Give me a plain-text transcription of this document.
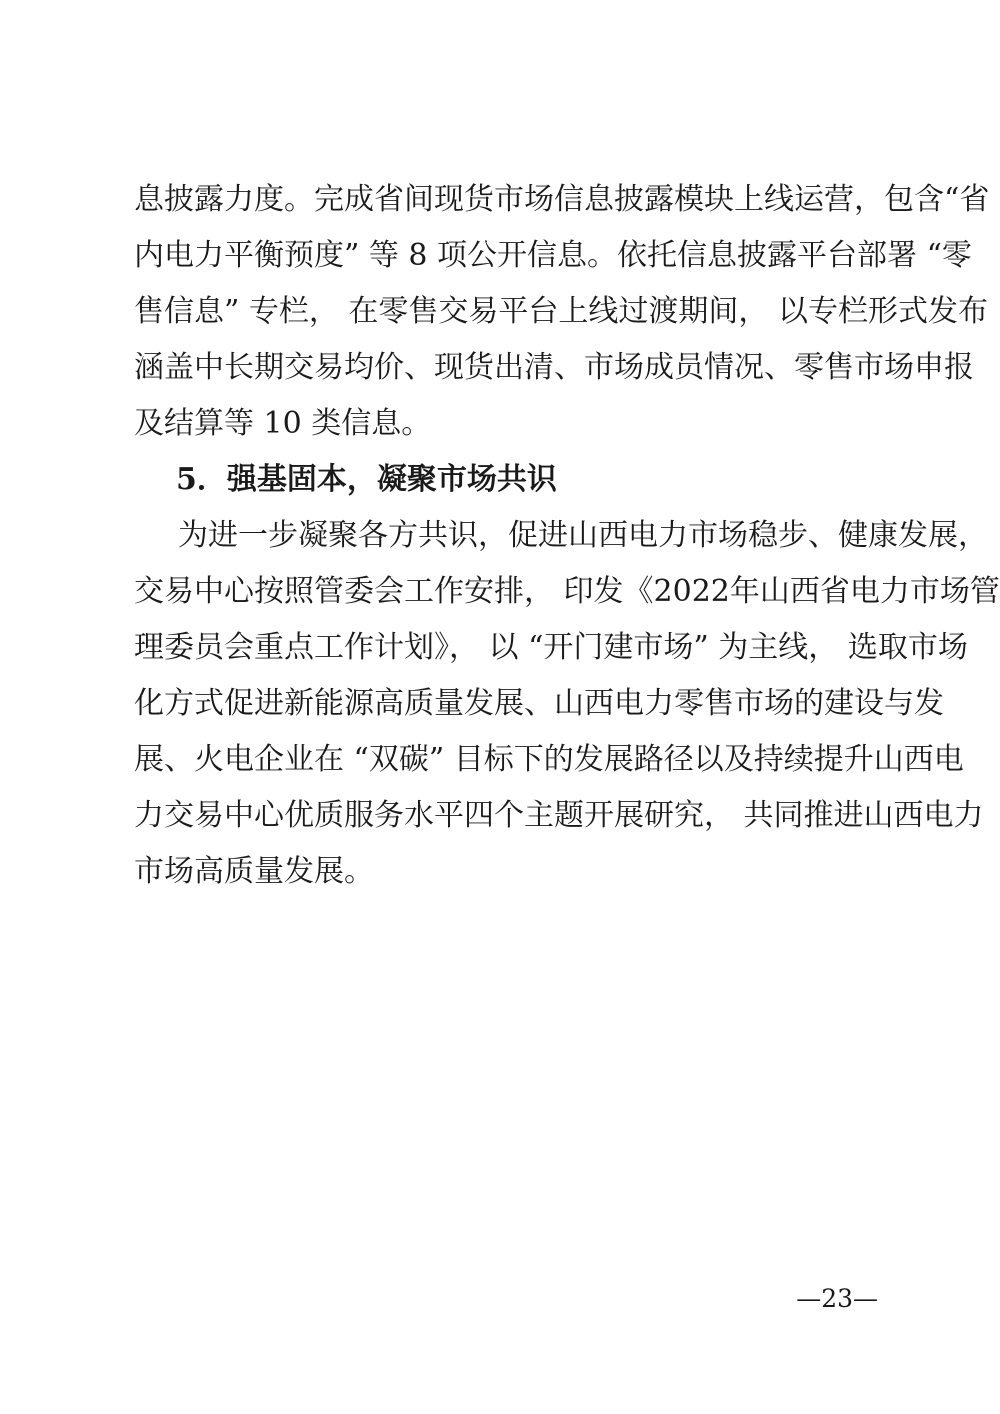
息披露力度。完成省间现货市场信息披露模块上线运营，包含“省
内电力平衡预度” 等 8 项公开信息。依托信息披露平台部署 “零
售信息” 专栏， 在零售交易平台上线过渡期间， 以专栏形式发布
涵盖中长期交易均价、现货出清、市场成员情况、零售市场申报
及结算等 10 类信息。
5．强基固本，凝聚市场共识
为进一步凝聚各方共识，促进山西电力市场稳步、健康发展，
交易中心按照管委会工作安排， 印发《2022年山西省电力市场管
理委员会重点工作计划》， 以 “开门建市场” 为主线， 选取市场
化方式促进新能源高质量发展、山西电力零售市场的建设与发
展、火电企业在 “双碳” 目标下的发展路径以及持续提升山西电
力交易中心优质服务水平四个主题开展研究， 共同推进山西电力
市场高质量发展。
—23—
